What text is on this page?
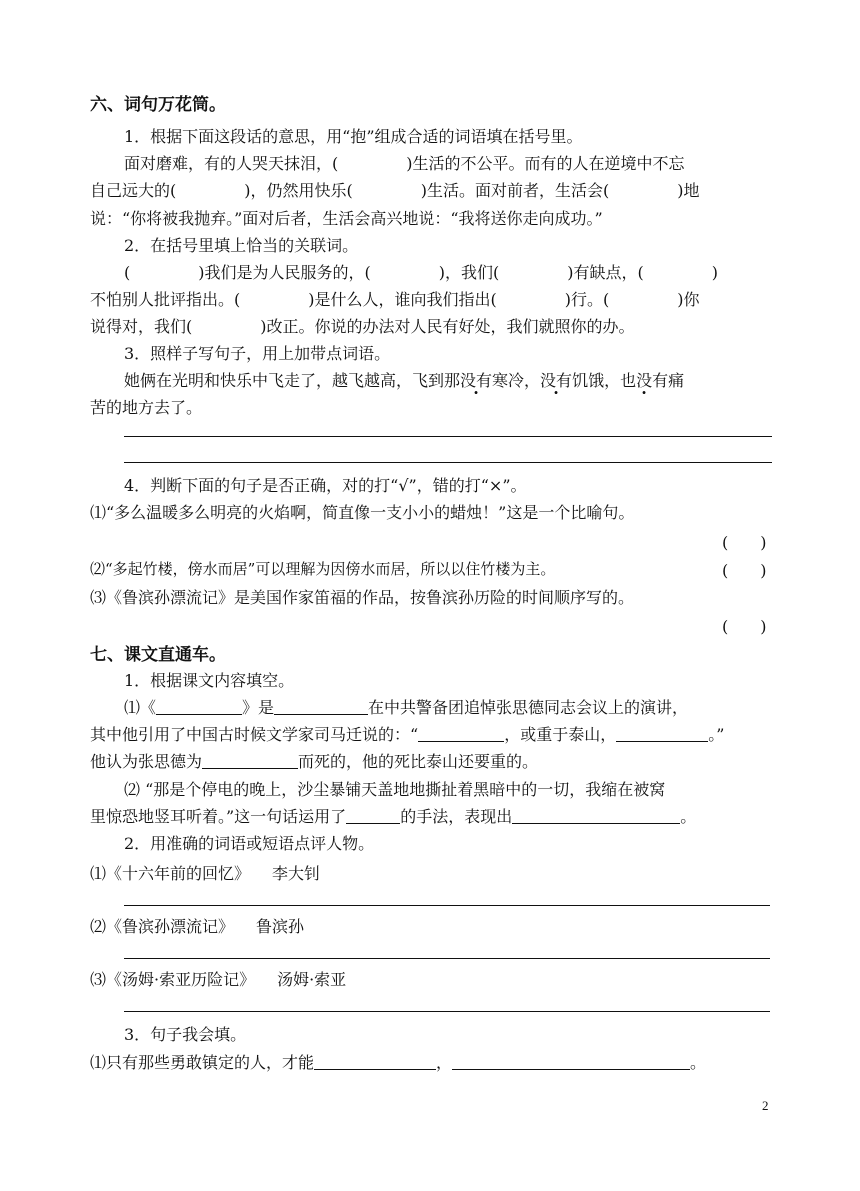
六、词句万花筒。
1．根据下面这段话的意思，用“抱”组成合适的词语填在括号里。
面对磨难，有的人哭天抹泪，(	)生活的不公平。而有的人在逆境中不忘
自己远大的(	)，仍然用快乐(	)生活。面对前者，生活会(	)地
说：“你将被我抛弃。”面对后者，生活会高兴地说：“我将送你走向成功。”
2．在括号里填上恰当的关联词。
(	)我们是为人民服务的，(	)，我们(	)有缺点，(	)
不怕别人批评指出。(	)是什么人，谁向我们指出(	)行。(	)你
说得对，我们(	)改正。你说的办法对人民有好处，我们就照你的办。
3．照样子写句子，用上加带点词语。
她俩在光明和快乐中飞走了，越飞越高，飞到那没有寒冷，没有饥饿，也没有痛
苦的地方去了。
4．判断下面的句子是否正确，对的打“√”，错的打“×”。
⑴“多么温暖多么明亮的火焰啊，简直像一支小小的蜡烛！”这是一个比喻句。
(　　)
⑵“多起竹楼，傍水而居”可以理解为因傍水而居，所以以住竹楼为主。	(　　)
⑶《鲁滨孙漂流记》是美国作家笛福的作品，按鲁滨孙历险的时间顺序写的。
(　　)
七、课文直通车。
1．根据课文内容填空。
⑴《	》是	在中共警备团追悼张思德同志会议上的演讲，
其中他引用了中国古时候文学家司马迁说的：“	，或重于泰山，	。”
他认为张思德为	而死的，他的死比泰山还要重的。
⑵ “那是个停电的晚上，沙尘暴铺天盖地地撕扯着黑暗中的一切，我缩在被窝
里惊恐地竖耳听着。”这一句话运用了	的手法，表现出	。
2．用准确的词语或短语点评人物。
⑴《十六年前的回忆》 李大钊
⑵《鲁滨孙漂流记》 鲁滨孙
⑶《汤姆·索亚历险记》 汤姆·索亚
3．句子我会填。
⑴只有那些勇敢镇定的人，才能	，	。
2
